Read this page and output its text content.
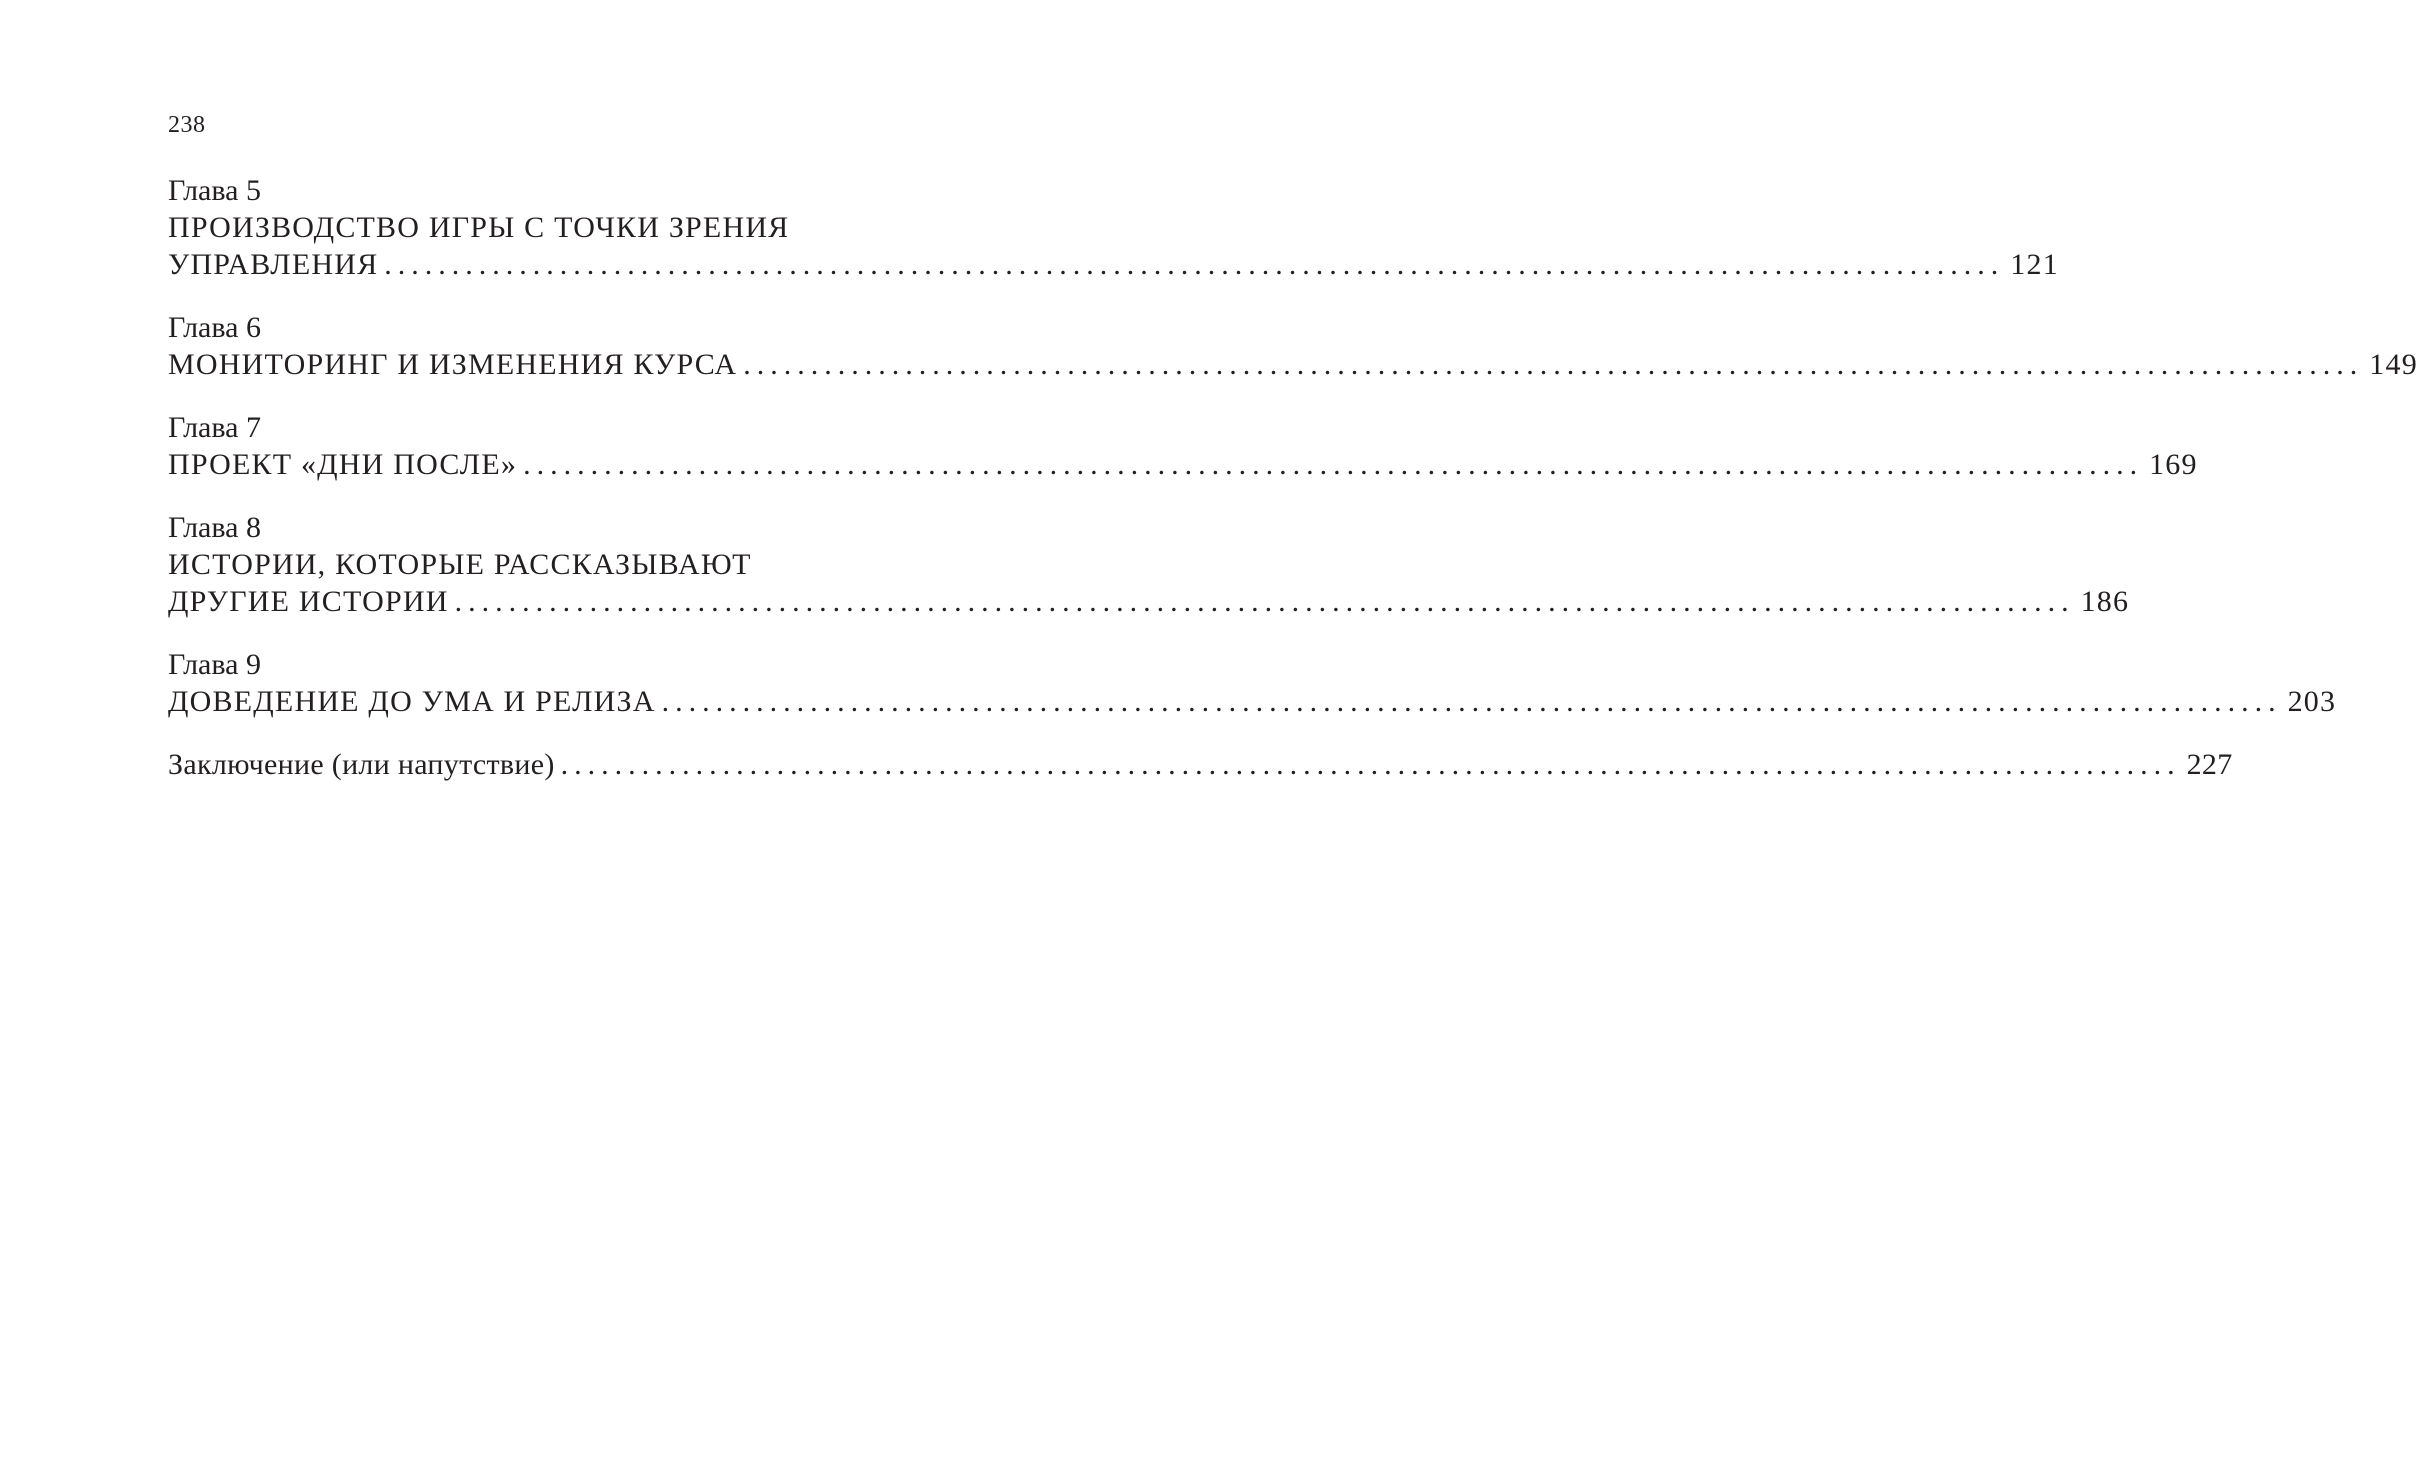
238
Глава 5
ПРОИЗВОДСТВО ИГРЫ С ТОЧКИ ЗРЕНИЯ
УПРАВЛЕНИЯ ........................................................................................................................ 121
Глава 6
МОНИТОРИНГ И ИЗМЕНЕНИЯ КУРСА ........................................................................................................................ 149
Глава 7
ПРОЕКТ «ДНИ ПОСЛЕ» ........................................................................................................................ 169
Глава 8
ИСТОРИИ, КОТОРЫЕ РАССКАЗЫВАЮТ
ДРУГИЕ ИСТОРИИ ........................................................................................................................ 186
Глава 9
ДОВЕДЕНИЕ ДО УМА И РЕЛИЗА ........................................................................................................................ 203
Заключение (или напутствие) ........................................................................................................................ 227
